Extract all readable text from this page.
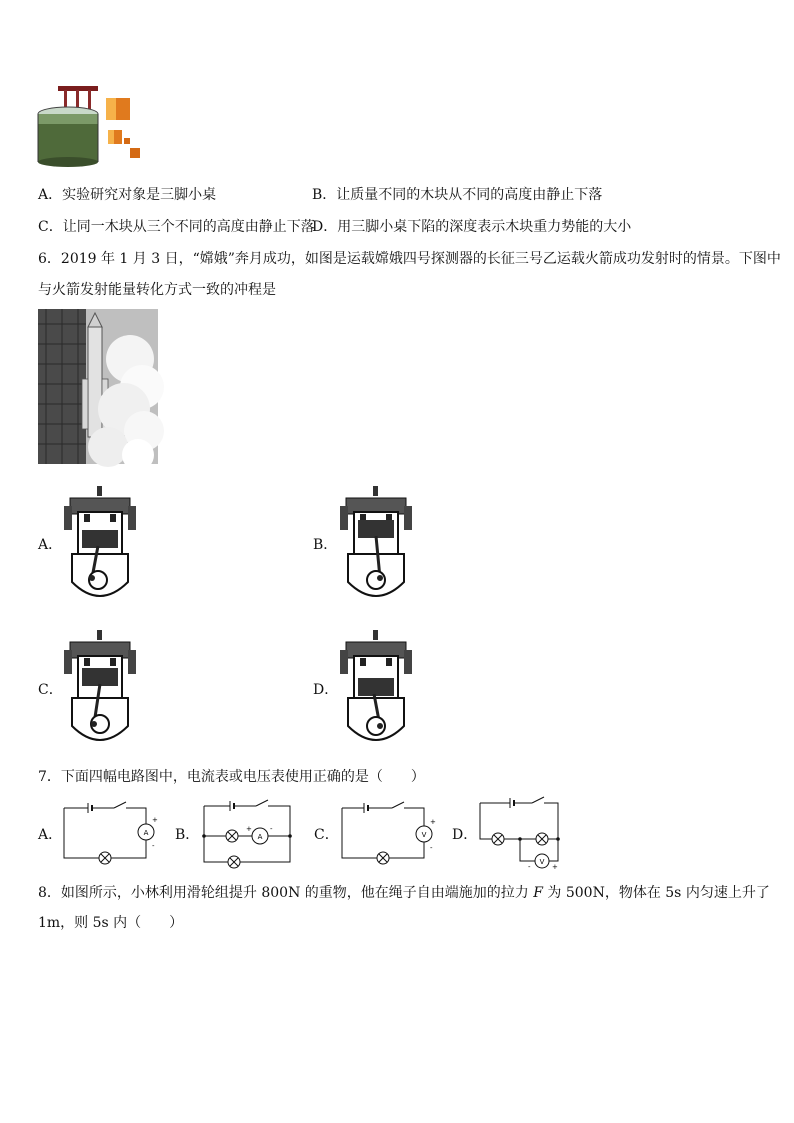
A．实验研究对象是三脚小桌	B．让质量不同的木块从不同的高度由静止下落
C．让同一木块从三个不同的高度由静止下落
D．用三脚小桌下陷的深度表示木块重力势能的大小
6．2019 年 1 月 3 日，“嫦娥”奔月成功，如图是运载嫦娥四号探测器的长征三号乙运载火箭成功发射时的情景。下图中
与火箭发射能量转化方式一致的冲程是
A．	B．
C．	D．
7．下面四幅电路图中，电流表或电压表使用正确的是（　　）
A．	B．	C．	D．
A
+
-
A
+	-
V
+
-
V
-	+
8．如图所示，小林利用滑轮组提升 800N 的重物，他在绳子自由端施加的拉力 F 为 500N，物体在 5s 内匀速上升了
1m，则 5s 内（　　）
